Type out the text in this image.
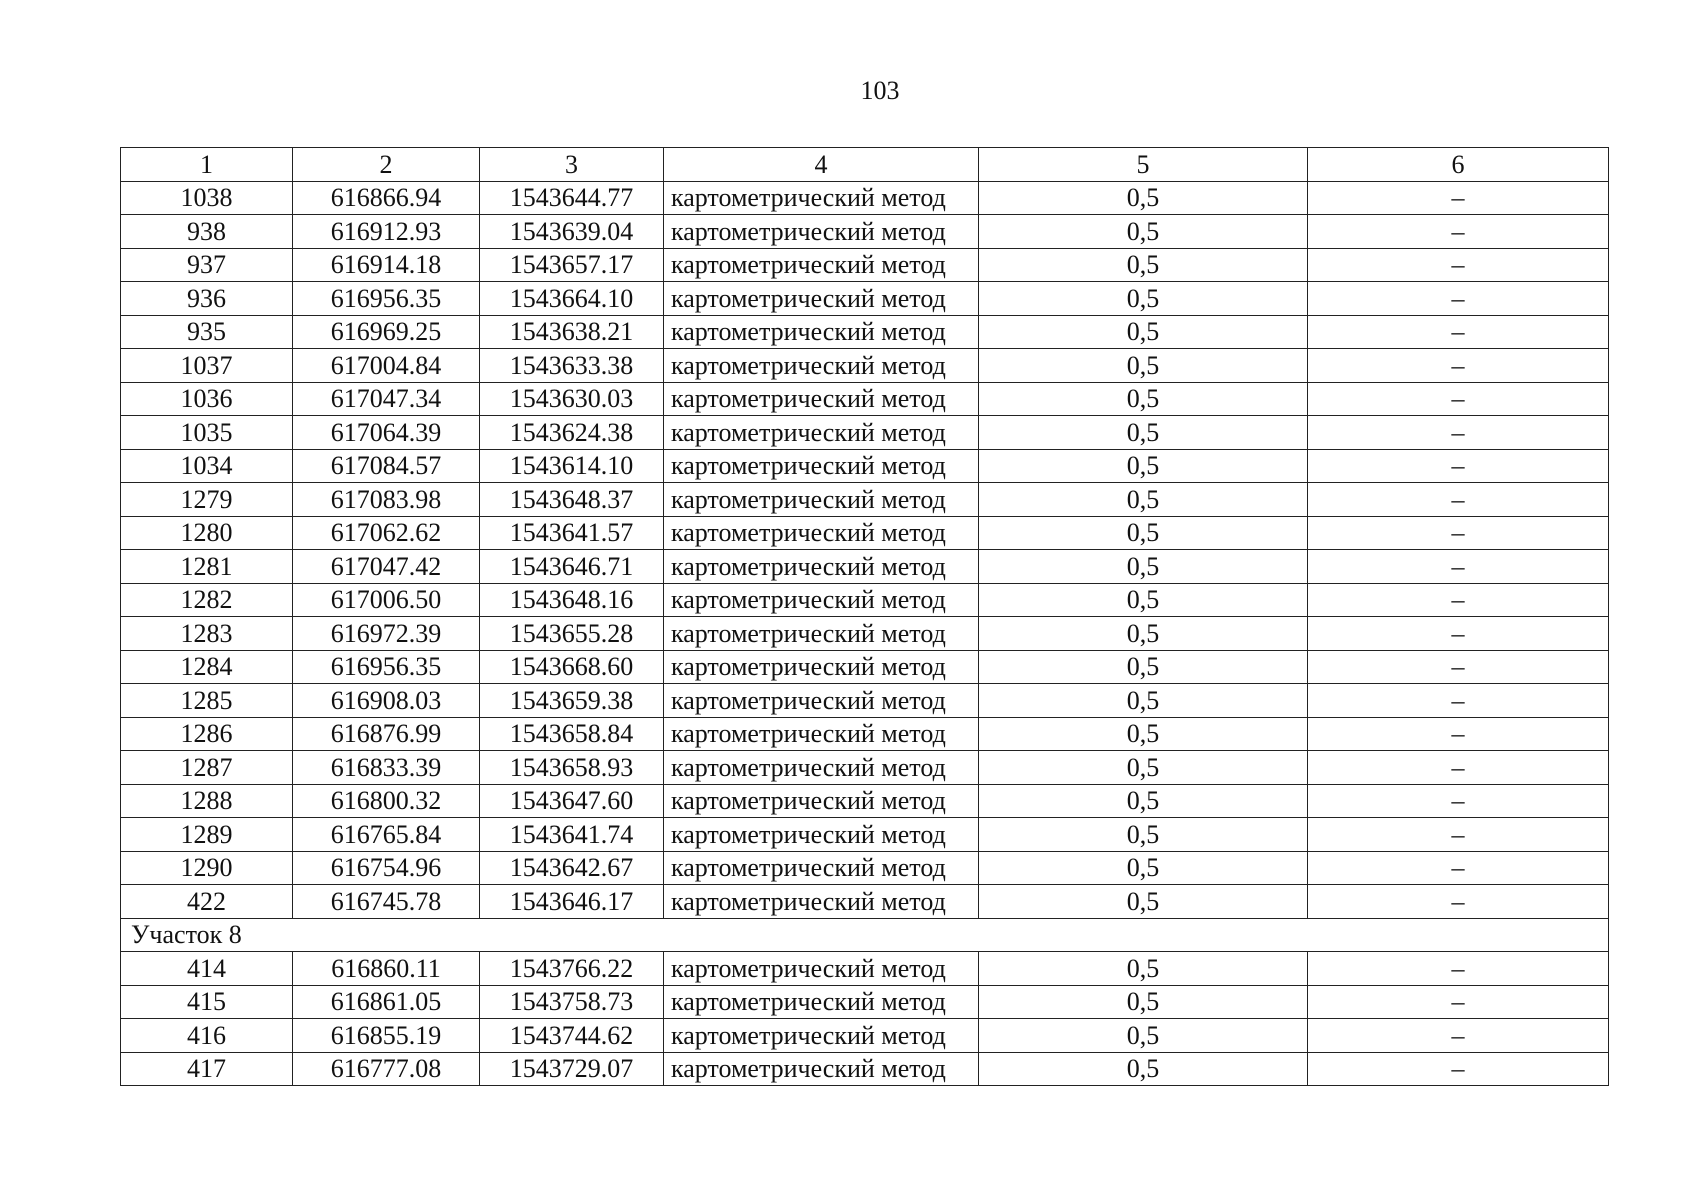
103
1	2	3	4	5	6
1038	616866.94	1543644.77	картометрический метод	0,5	–
938	616912.93	1543639.04	картометрический метод	0,5	–
937	616914.18	1543657.17	картометрический метод	0,5	–
936	616956.35	1543664.10	картометрический метод	0,5	–
935	616969.25	1543638.21	картометрический метод	0,5	–
1037	617004.84	1543633.38	картометрический метод	0,5	–
1036	617047.34	1543630.03	картометрический метод	0,5	–
1035	617064.39	1543624.38	картометрический метод	0,5	–
1034	617084.57	1543614.10	картометрический метод	0,5	–
1279	617083.98	1543648.37	картометрический метод	0,5	–
1280	617062.62	1543641.57	картометрический метод	0,5	–
1281	617047.42	1543646.71	картометрический метод	0,5	–
1282	617006.50	1543648.16	картометрический метод	0,5	–
1283	616972.39	1543655.28	картометрический метод	0,5	–
1284	616956.35	1543668.60	картометрический метод	0,5	–
1285	616908.03	1543659.38	картометрический метод	0,5	–
1286	616876.99	1543658.84	картометрический метод	0,5	–
1287	616833.39	1543658.93	картометрический метод	0,5	–
1288	616800.32	1543647.60	картометрический метод	0,5	–
1289	616765.84	1543641.74	картометрический метод	0,5	–
1290	616754.96	1543642.67	картометрический метод	0,5	–
422	616745.78	1543646.17	картометрический метод	0,5	–
Участок 8					
414	616860.11	1543766.22	картометрический метод	0,5	–
415	616861.05	1543758.73	картометрический метод	0,5	–
416	616855.19	1543744.62	картометрический метод	0,5	–
417	616777.08	1543729.07	картометрический метод	0,5	–
